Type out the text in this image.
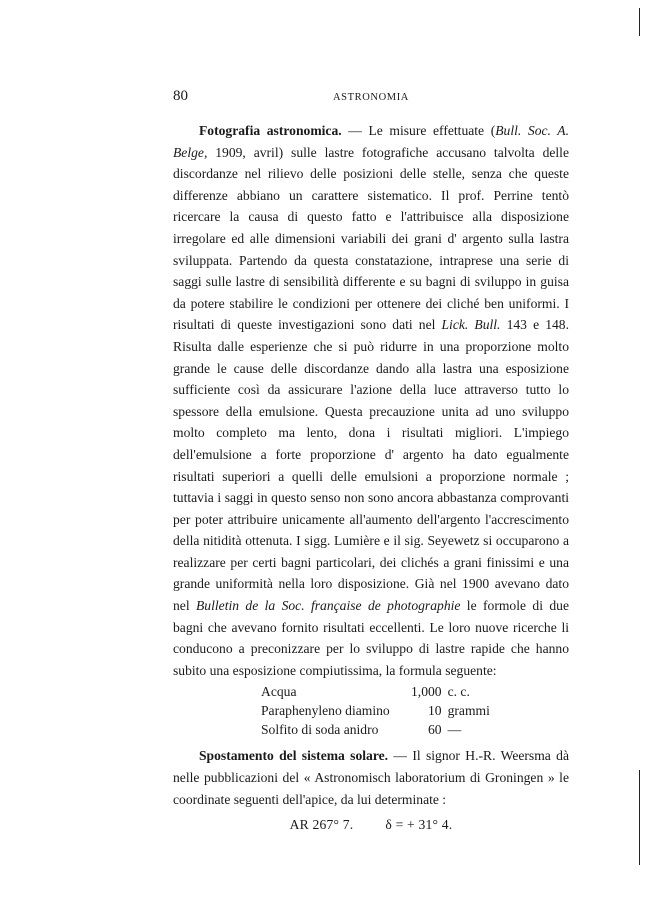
80	ASTRONOMIA

Fotografia astronomica. — Le misure effettuate (Bull. Soc. A. Belge, 1909, avril) sulle lastre fotografiche accusano talvolta delle discordanze nel rilievo delle posizioni delle stelle, senza che queste differenze abbiano un carattere sistematico. Il prof. Perrine tentò ricercare la causa di questo fatto e l'attribuisce alla disposizione irregolare ed alle dimensioni variabili dei grani d' argento sulla lastra sviluppata. Partendo da questa constatazione, intraprese una serie di saggi sulle lastre di sensibilità differente e su bagni di sviluppo in guisa da potere stabilire le condizioni per ottenere dei cliché ben uniformi. I risultati di queste investigazioni sono dati nel Lick. Bull. 143 e 148. Risulta dalle esperienze che si può ridurre in una proporzione molto grande le cause delle discordanze dando alla lastra una esposizione sufficiente così da assicurare l'azione della luce attraverso tutto lo spessore della emulsione. Questa precauzione unita ad uno sviluppo molto completo ma lento, dona i risultati migliori. L'impiego dell'emulsione a forte proporzione d' argento ha dato egualmente risultati superiori a quelli delle emulsioni a proporzione normale ; tuttavia i saggi in questo senso non sono ancora abbastanza comprovanti per poter attribuire unicamente all'aumento dell'argento l'accrescimento della nitidità ottenuta. I sigg. Lumière e il sig. Seyewetz si occuparono a realizzare per certi bagni particolari, dei clichés a grani finissimi e una grande uniformità nella loro disposizione. Già nel 1900 avevano dato nel Bulletin de la Soc. française de photographie le formole di due bagni che avevano fornito risultati eccellenti. Le loro nuove ricerche li conducono a preconizzare per lo sviluppo di lastre rapide che hanno subito una esposizione compiutissima, la formula seguente:

Acqua	1,000	c. c.
Paraphenyleno diamino	10	grammi
Solfito di soda anidro	60	—

Spostamento del sistema solare. — Il signor H.-R. Weersma dà nelle pubblicazioni del « Astronomisch laboratorium di Groningen » le coordinate seguenti dell'apice, da lui determinate :

AR 267° 7. δ = + 31° 4.
